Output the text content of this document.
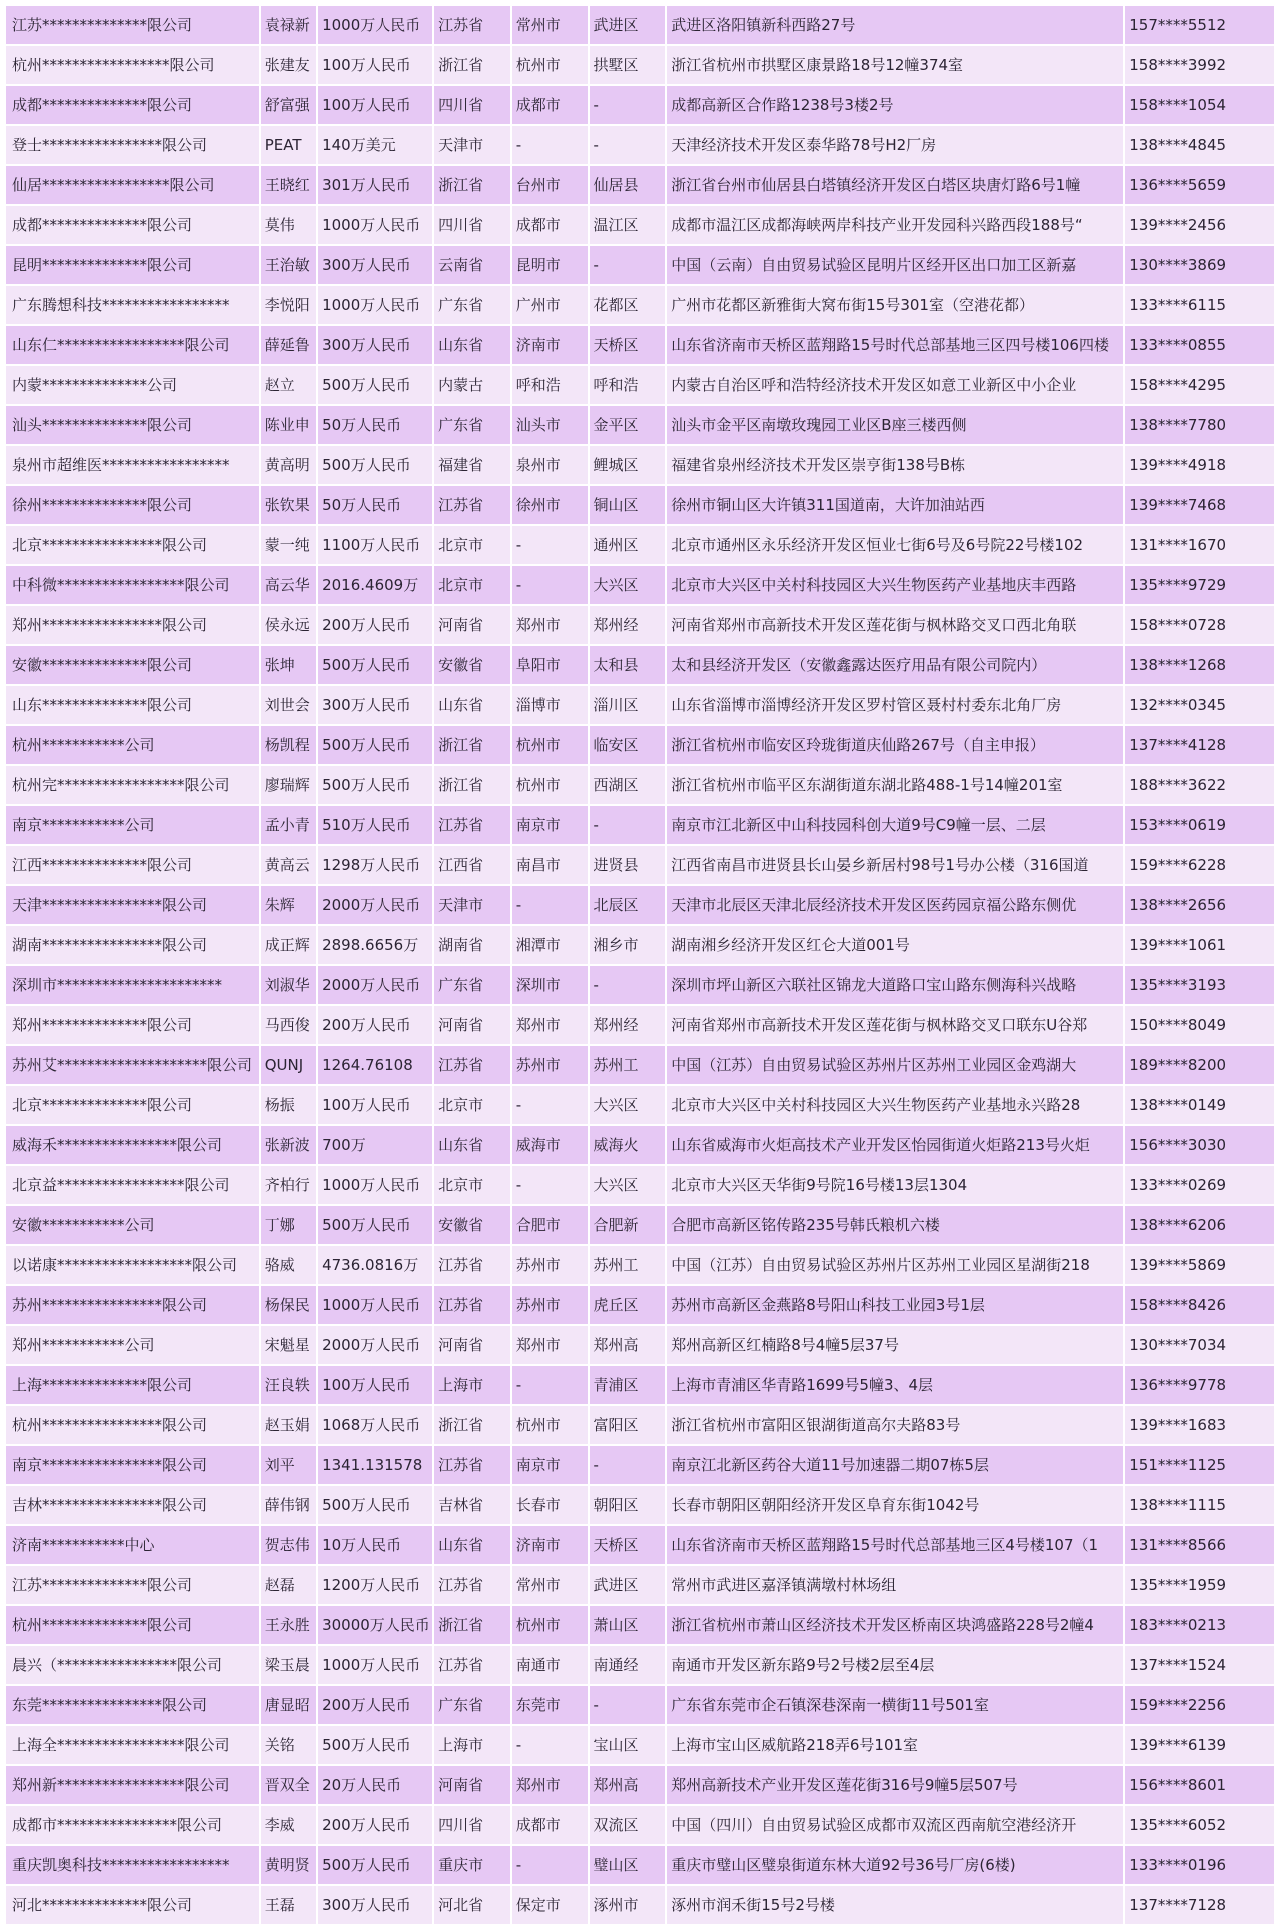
江苏**************限公司	袁禄新	1000万人民币	江苏省	常州市	武进区	武进区洛阳镇新科西路27号	157****5512
杭州*****************限公司	张建友	100万人民币	浙江省	杭州市	拱墅区	浙江省杭州市拱墅区康景路18号12幢374室	158****3992
成都**************限公司	舒富强	100万人民币	四川省	成都市	-	成都高新区合作路1238号3楼2号	158****1054
登士****************限公司	PEAT	140万美元	天津市	-	-	天津经济技术开发区泰华路78号H2厂房	138****4845
仙居*****************限公司	王晓红	301万人民币	浙江省	台州市	仙居县	浙江省台州市仙居县白塔镇经济开发区白塔区块唐灯路6号1幢	136****5659
成都**************限公司	莫伟	1000万人民币	四川省	成都市	温江区	成都市温江区成都海峡两岸科技产业开发园科兴路西段188号“	139****2456
昆明**************限公司	王治敏	300万人民币	云南省	昆明市	-	中国（云南）自由贸易试验区昆明片区经开区出口加工区新嘉	130****3869
广东腾想科技*****************	李悦阳	1000万人民币	广东省	广州市	花都区	广州市花都区新雅街大窝布街15号301室（空港花都）	133****6115
山东仁*****************限公司	薛延鲁	300万人民币	山东省	济南市	天桥区	山东省济南市天桥区蓝翔路15号时代总部基地三区四号楼106四楼	133****0855
内蒙**************公司	赵立	500万人民币	内蒙古	呼和浩	呼和浩	内蒙古自治区呼和浩特经济技术开发区如意工业新区中小企业	158****4295
汕头**************限公司	陈业申	50万人民币	广东省	汕头市	金平区	汕头市金平区南墩玫瑰园工业区B座三楼西侧	138****7780
泉州市超维医*****************	黄高明	500万人民币	福建省	泉州市	鲤城区	福建省泉州经济技术开发区崇亨街138号B栋	139****4918
徐州**************限公司	张钦果	50万人民币	江苏省	徐州市	铜山区	徐州市铜山区大许镇311国道南，大许加油站西	139****7468
北京****************限公司	蒙一纯	1100万人民币	北京市	-	通州区	北京市通州区永乐经济开发区恒业七街6号及6号院22号楼102	131****1670
中科微*****************限公司	高云华	2016.4609万	北京市	-	大兴区	北京市大兴区中关村科技园区大兴生物医药产业基地庆丰西路	135****9729
郑州****************限公司	侯永远	200万人民币	河南省	郑州市	郑州经	河南省郑州市高新技术开发区莲花街与枫林路交叉口西北角联	158****0728
安徽**************限公司	张坤	500万人民币	安徽省	阜阳市	太和县	太和县经济开发区（安徽鑫露达医疗用品有限公司院内）	138****1268
山东**************限公司	刘世会	300万人民币	山东省	淄博市	淄川区	山东省淄博市淄博经济开发区罗村管区聂村村委东北角厂房	132****0345
杭州***********公司	杨凯程	500万人民币	浙江省	杭州市	临安区	浙江省杭州市临安区玲珑街道庆仙路267号（自主申报）	137****4128
杭州完*****************限公司	廖瑞辉	500万人民币	浙江省	杭州市	西湖区	浙江省杭州市临平区东湖街道东湖北路488-1号14幢201室	188****3622
南京***********公司	孟小青	510万人民币	江苏省	南京市	-	南京市江北新区中山科技园科创大道9号C9幢一层、二层	153****0619
江西**************限公司	黄高云	1298万人民币	江西省	南昌市	进贤县	江西省南昌市进贤县长山晏乡新居村98号1号办公楼（316国道	159****6228
天津****************限公司	朱辉	2000万人民币	天津市	-	北辰区	天津市北辰区天津北辰经济技术开发区医药园京福公路东侧优	138****2656
湖南****************限公司	成正辉	2898.6656万	湖南省	湘潭市	湘乡市	湖南湘乡经济开发区红仑大道001号	139****1061
深圳市**********************	刘淑华	2000万人民币	广东省	深圳市	-	深圳市坪山新区六联社区锦龙大道路口宝山路东侧海科兴战略	135****3193
郑州**************限公司	马西俊	200万人民币	河南省	郑州市	郑州经	河南省郑州市高新技术开发区莲花街与枫林路交叉口联东U谷郑	150****8049
苏州艾********************限公司	QUNJ	1264.76108	江苏省	苏州市	苏州工	中国（江苏）自由贸易试验区苏州片区苏州工业园区金鸡湖大	189****8200
北京**************限公司	杨振	100万人民币	北京市	-	大兴区	北京市大兴区中关村科技园区大兴生物医药产业基地永兴路28	138****0149
威海禾****************限公司	张新波	700万	山东省	威海市	威海火	山东省威海市火炬高技术产业开发区怡园街道火炬路213号火炬	156****3030
北京益*****************限公司	齐柏行	1000万人民币	北京市	-	大兴区	北京市大兴区天华街9号院16号楼13层1304	133****0269
安徽***********公司	丁娜	500万人民币	安徽省	合肥市	合肥新	合肥市高新区铭传路235号韩氏粮机六楼	138****6206
以诺康******************限公司	骆威	4736.0816万	江苏省	苏州市	苏州工	中国（江苏）自由贸易试验区苏州片区苏州工业园区星湖街218	139****5869
苏州****************限公司	杨保民	1000万人民币	江苏省	苏州市	虎丘区	苏州市高新区金燕路8号阳山科技工业园3号1层	158****8426
郑州***********公司	宋魁星	2000万人民币	河南省	郑州市	郑州高	郑州高新区红楠路8号4幢5层37号	130****7034
上海**************限公司	汪良轶	100万人民币	上海市	-	青浦区	上海市青浦区华青路1699号5幢3、4层	136****9778
杭州****************限公司	赵玉娟	1068万人民币	浙江省	杭州市	富阳区	浙江省杭州市富阳区银湖街道高尔夫路83号	139****1683
南京****************限公司	刘平	1341.131578	江苏省	南京市	-	南京江北新区药谷大道11号加速器二期07栋5层	151****1125
吉林****************限公司	薛伟钢	500万人民币	吉林省	长春市	朝阳区	长春市朝阳区朝阳经济开发区阜育东街1042号	138****1115
济南***********中心	贺志伟	10万人民币	山东省	济南市	天桥区	山东省济南市天桥区蓝翔路15号时代总部基地三区4号楼107（1	131****8566
江苏**************限公司	赵磊	1200万人民币	江苏省	常州市	武进区	常州市武进区嘉泽镇满墩村林场组	135****1959
杭州**************限公司	王永胜	30000万人民币	浙江省	杭州市	萧山区	浙江省杭州市萧山区经济技术开发区桥南区块鸿盛路228号2幢4	183****0213
晨兴（****************限公司	梁玉晨	1000万人民币	江苏省	南通市	南通经	南通市开发区新东路9号2号楼2层至4层	137****1524
东莞****************限公司	唐显昭	200万人民币	广东省	东莞市	-	广东省东莞市企石镇深巷深南一横街11号501室	159****2256
上海全*****************限公司	关铭	500万人民币	上海市	-	宝山区	上海市宝山区威航路218弄6号101室	139****6139
郑州新*****************限公司	晋双全	20万人民币	河南省	郑州市	郑州高	郑州高新技术产业开发区莲花街316号9幢5层507号	156****8601
成都市****************限公司	李威	200万人民币	四川省	成都市	双流区	中国（四川）自由贸易试验区成都市双流区西南航空港经济开	135****6052
重庆凯奥科技*****************	黄明贤	500万人民币	重庆市	-	璧山区	重庆市璧山区璧泉街道东林大道92号36号厂房(6楼)	133****0196
河北**************限公司	王磊	300万人民币	河北省	保定市	涿州市	涿州市润禾街15号2号楼	137****7128
